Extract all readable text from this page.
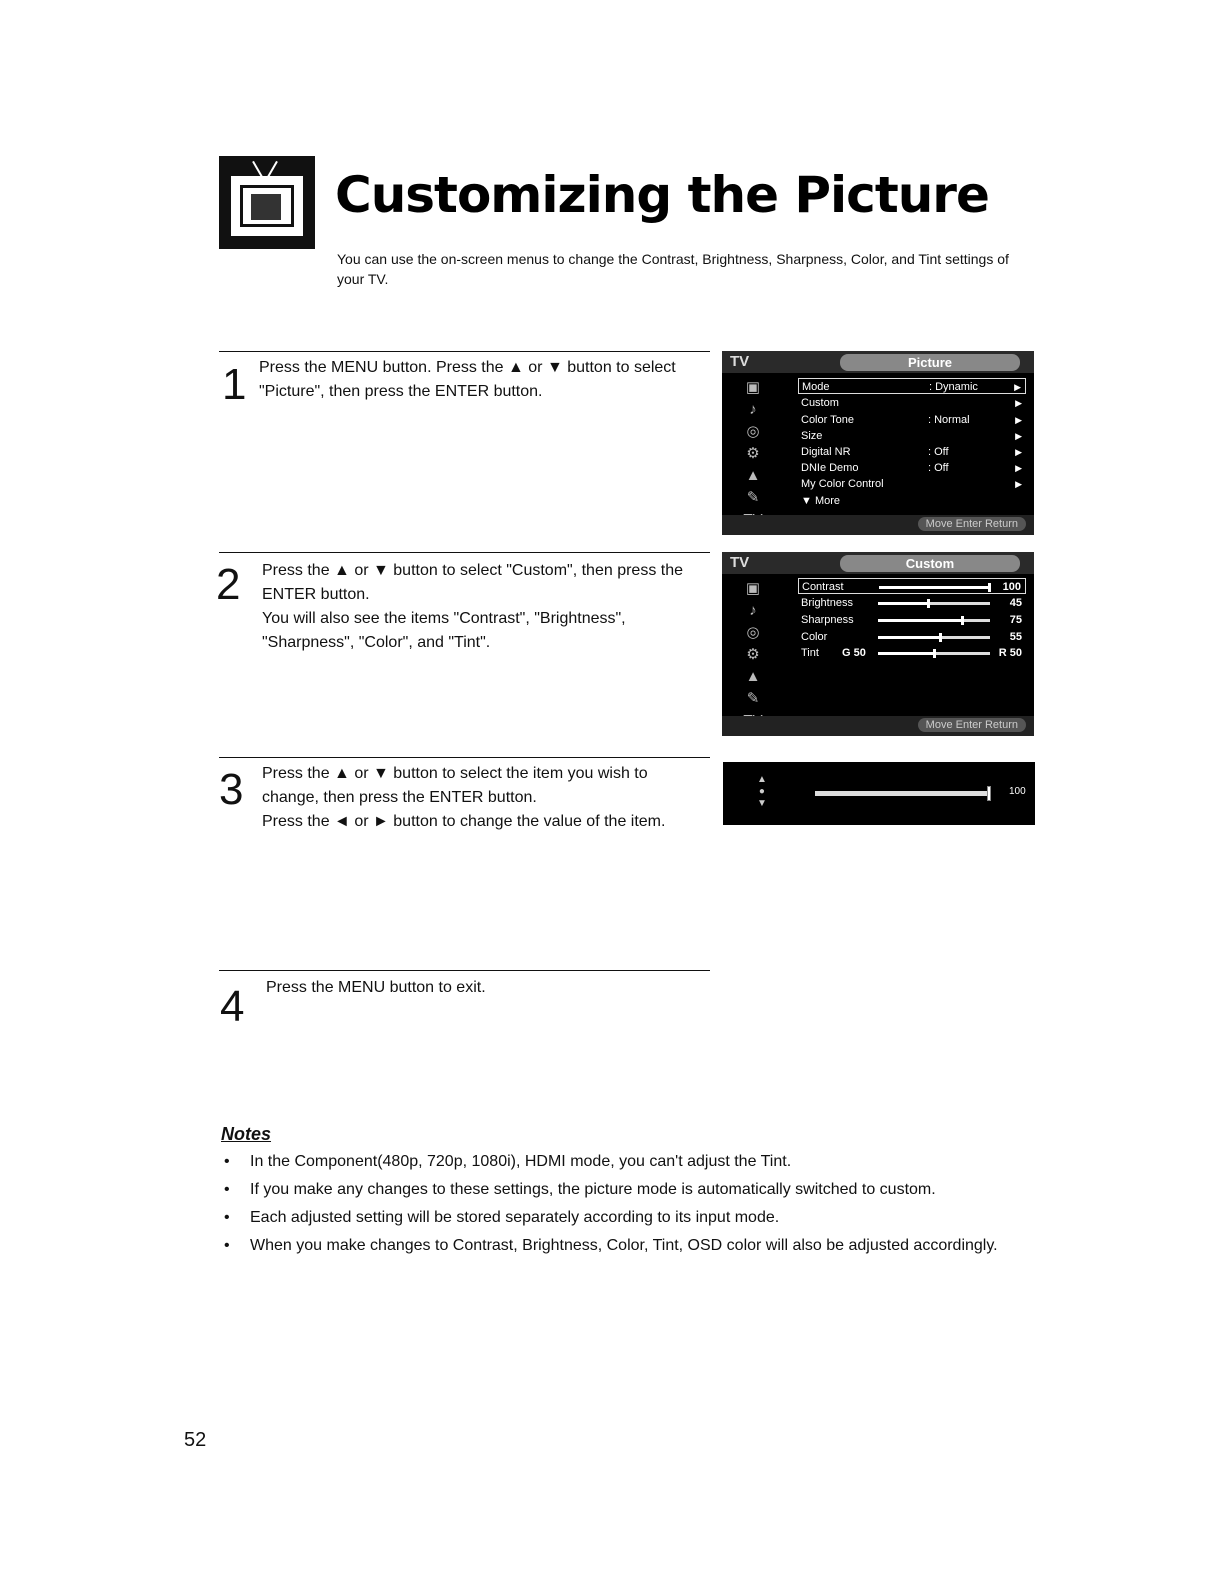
Customizing the Picture

You can use the on-screen menus to change the Contrast, Brightness, Sharpness, Color, and Tint settings of your TV.

1 Press the MENU button. Press the ▲ or ▼ button to select "Picture", then press the ENTER button.

TV	Picture
▣
♪
◎
⚙
▲
✎
Mode	: Dynamic	▶
Custom	▶
Color Tone	: Normal	▶
Size	▶
Digital NR	: Off	▶
DNIe Demo	: Off	▶
My Color Control	▶
▼ More
Move Enter Return
2 Press the ▲ or ▼ button to select "Custom", then press the ENTER button.

You will also see the items "Contrast", "Brightness", "Sharpness", "Color", and "Tint".

TV	Custom
▣
♪
◎
⚙
▲
✎
Contrast	100
Brightness	45
Sharpness	75
Color	55
Tint G 50	R 50
Move Enter Return
3 Press the ▲ or ▼ button to select the item you wish to change, then press the ENTER button.

Press the ◄ or ► button to change the value of the item.

▲
●
▼
100
4 Press the MENU button to exit.

Notes
• In the Component(480p, 720p, 1080i), HDMI mode, you can't adjust the Tint.
• If you make any changes to these settings, the picture mode is automatically switched to custom.
• Each adjusted setting will be stored separately according to its input mode.
• When you make changes to Contrast, Brightness, Color, Tint, OSD color will also be adjusted accordingly.
52
